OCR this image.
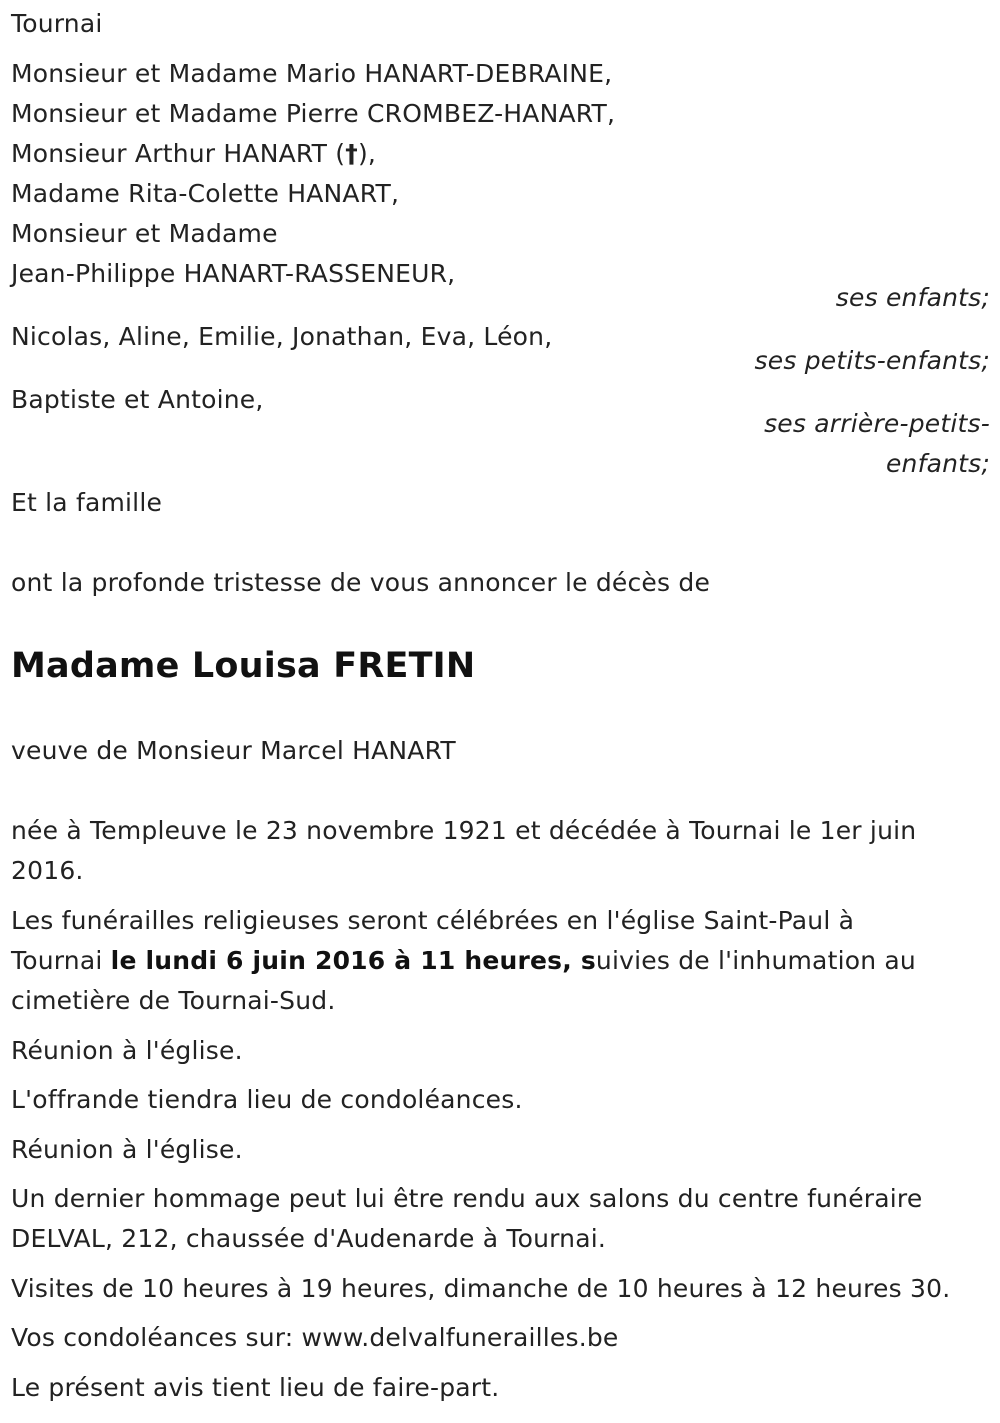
Tournai
Monsieur et Madame Mario HANART-DEBRAINE,
Monsieur et Madame Pierre CROMBEZ-HANART,
Monsieur Arthur HANART (†),
Madame Rita-Colette HANART,
Monsieur et Madame
Jean-Philippe HANART-RASSENEUR,
ses enfants;
Nicolas, Aline, Emilie, Jonathan, Eva, Léon,
ses petits-enfants;
Baptiste et Antoine,
ses arrière-petits-
enfants;
Et la famille
ont la profonde tristesse de vous annoncer le décès de
Madame Louisa FRETIN
veuve de Monsieur Marcel HANART
née à Templeuve le 23 novembre 1921 et décédée à Tournai le 1er juin
2016.
Les funérailles religieuses seront célébrées en l'église Saint-Paul à
Tournai le lundi 6 juin 2016 à 11 heures, suivies de l'inhumation au
cimetière de Tournai-Sud.
Réunion à l'église.
L'offrande tiendra lieu de condoléances.
Réunion à l'église.
Un dernier hommage peut lui être rendu aux salons du centre funéraire
DELVAL, 212, chaussée d'Audenarde à Tournai.
Visites de 10 heures à 19 heures, dimanche de 10 heures à 12 heures 30.
Vos condoléances sur: www.delvalfunerailles.be
Le présent avis tient lieu de faire-part.
